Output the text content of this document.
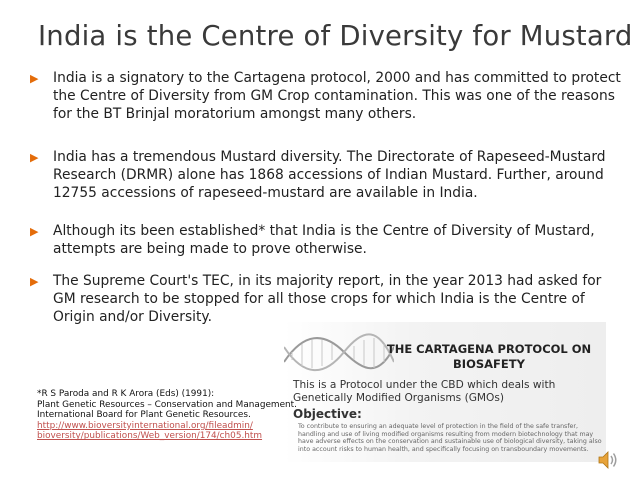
India is the Centre of Diversity for Mustard
▶ India is a signatory to the Cartagena protocol, 2000 and has committed to protect the Centre of Diversity from GM Crop contamination. This was one of the reasons for the BT Brinjal moratorium amongst many others.
▶ India has a tremendous Mustard diversity. The Directorate of Rapeseed-Mustard Research (DRMR) alone has 1868 accessions of Indian Mustard. Further, around 12755 accessions of rapeseed-mustard are available in India.
▶ Although its been established* that India is the Centre of Diversity of Mustard, attempts are being made to prove otherwise.
▶ The Supreme Court's TEC, in its majority report, in the year 2013 had asked for GM research to be stopped for all those crops for which India is the Centre of Origin and/or Diversity.
THE CARTAGENA PROTOCOL ON BIOSAFETY
This is a Protocol under the CBD which deals with Genetically Modified Organisms (GMOs)
Objective:
To contribute to ensuring an adequate level of protection in the field of the safe transfer, handling and use of living modified organisms resulting from modern biotechnology that may have adverse effects on the conservation and sustainable use of biological diversity, taking also into account risks to human health, and specifically focusing on transboundary movements.
*R S Paroda and R K Arora (Eds) (1991):
Plant Genetic Resources – Conservation and Management.
International Board for Plant Genetic Resources.
http://www.bioversityinternational.org/fileadmin/
bioversity/publications/Web_version/174/ch05.htm
